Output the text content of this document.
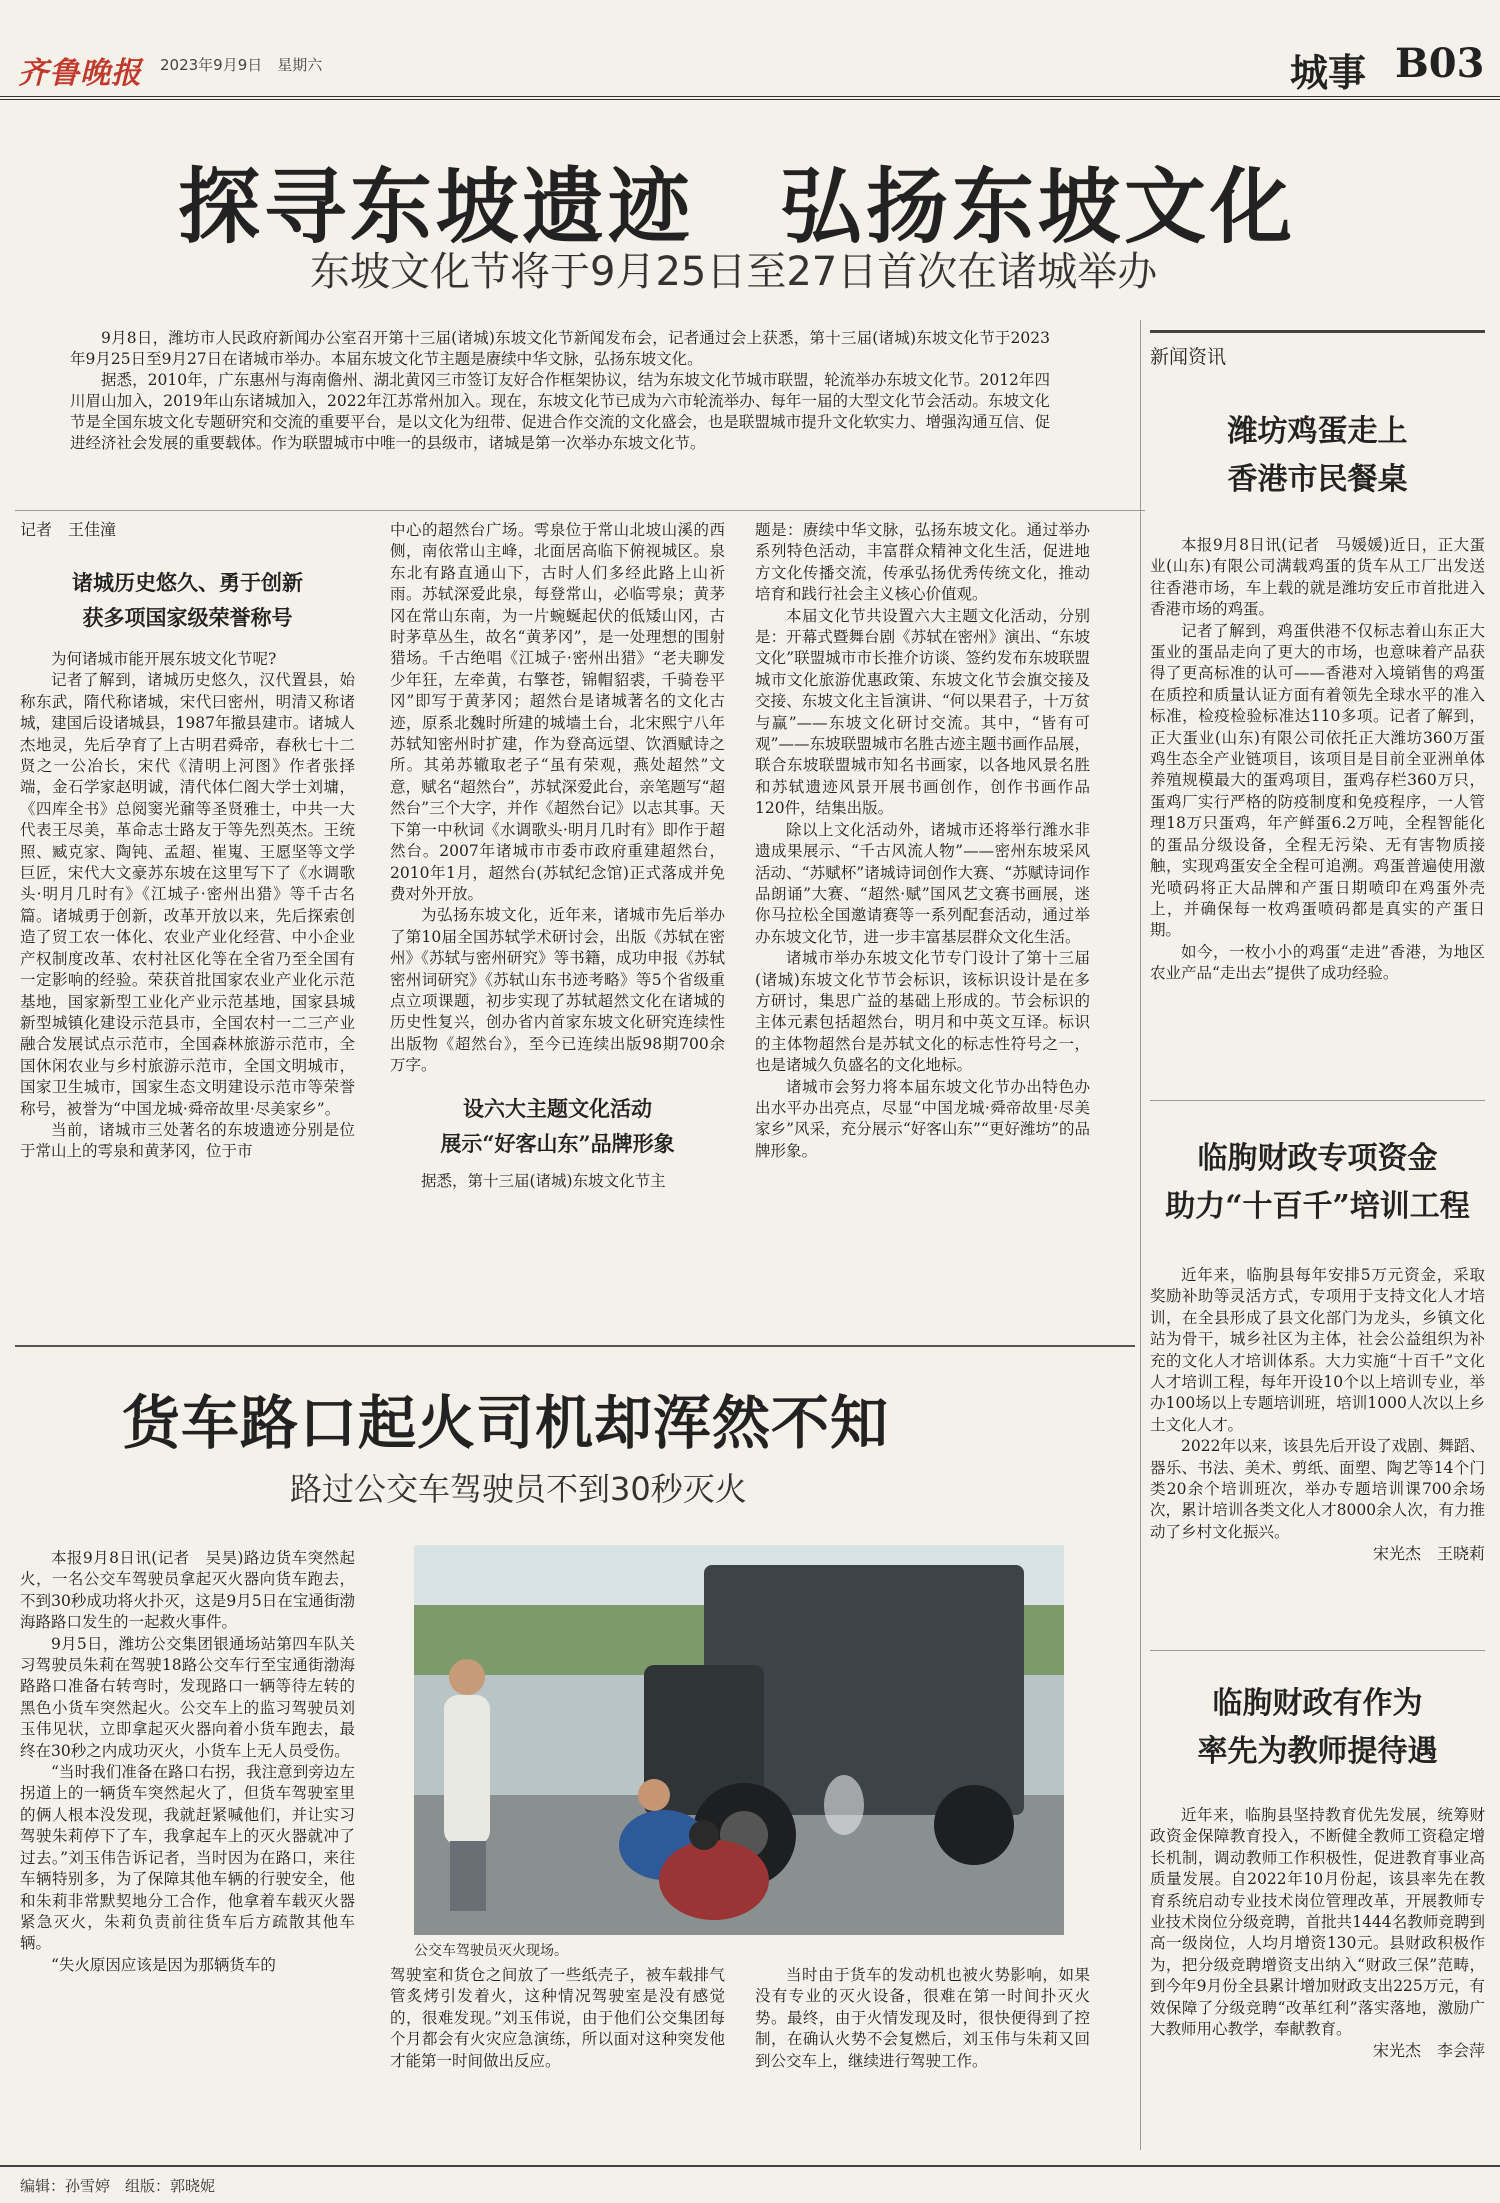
齐鲁晚报 2023年9月9日　星期六	城事 B03
探寻东坡遗迹　弘扬东坡文化
东坡文化节将于9月25日至27日首次在诸城举办

9月8日，潍坊市人民政府新闻办公室召开第十三届(诸城)东坡文化节新闻发布会，记者通过会上获悉，第十三届(诸城)东坡文化节于2023年9月25日至9月27日在诸城市举办。本届东坡文化节主题是赓续中华文脉，弘扬东坡文化。

据悉，2010年，广东惠州与海南儋州、湖北黄冈三市签订友好合作框架协议，结为东坡文化节城市联盟，轮流举办东坡文化节。2012年四川眉山加入，2019年山东诸城加入，2022年江苏常州加入。现在，东坡文化节已成为六市轮流举办、每年一届的大型文化节会活动。东坡文化节是全国东坡文化专题研究和交流的重要平台，是以文化为纽带、促进合作交流的文化盛会，也是联盟城市提升文化软实力、增强沟通互信、促进经济社会发展的重要载体。作为联盟城市中唯一的县级市，诸城是第一次举办东坡文化节。

记者　王佳潼
诸城历史悠久、勇于创新
获多项国家级荣誉称号

为何诸城市能开展东坡文化节呢?

记者了解到，诸城历史悠久，汉代置县，始称东武，隋代称诸城，宋代曰密州，明清又称诸城，建国后设诸城县，1987年撤县建市。诸城人杰地灵，先后孕育了上古明君舜帝，春秋七十二贤之一公冶长，宋代《清明上河图》作者张择端，金石学家赵明诚，清代体仁阁大学士刘墉，《四库全书》总阅窦光鼐等圣贤雅士，中共一大代表王尽美，革命志士路友于等先烈英杰。王统照、臧克家、陶钝、孟超、崔嵬、王愿坚等文学巨匠，宋代大文豪苏东坡在这里写下了《水调歌头·明月几时有》《江城子·密州出猎》等千古名篇。诸城勇于创新，改革开放以来，先后探索创造了贸工农一体化、农业产业化经营、中小企业产权制度改革、农村社区化等在全省乃至全国有一定影响的经验。荣获首批国家农业产业化示范基地，国家新型工业化产业示范基地，国家县城新型城镇化建设示范县市，全国农村一二三产业融合发展试点示范市，全国森林旅游示范市，全国休闲农业与乡村旅游示范市，全国文明城市，国家卫生城市，国家生态文明建设示范市等荣誉称号，被誉为“中国龙城·舜帝故里·尽美家乡”。

当前，诸城市三处著名的东坡遗迹分别是位于常山上的雩泉和黄茅冈，位于市

中心的超然台广场。雩泉位于常山北坡山溪的西侧，南依常山主峰，北面居高临下俯视城区。泉东北有路直通山下，古时人们多经此路上山祈雨。苏轼深爱此泉，每登常山，必临雩泉；黄茅冈在常山东南，为一片蜿蜒起伏的低矮山冈，古时茅草丛生，故名“黄茅冈”，是一处理想的围射猎场。千古绝唱《江城子·密州出猎》“老夫聊发少年狂，左牵黄，右擎苍，锦帽貂裘，千骑卷平冈”即写于黄茅冈；超然台是诸城著名的文化古迹，原系北魏时所建的城墙土台，北宋熙宁八年苏轼知密州时扩建，作为登高远望、饮酒赋诗之所。其弟苏辙取老子“虽有荣观，燕处超然”文意，赋名“超然台”，苏轼深爱此台，亲笔题写“超然台”三个大字，并作《超然台记》以志其事。天下第一中秋词《水调歌头·明月几时有》即作于超然台。2007年诸城市市委市政府重建超然台，2010年1月，超然台(苏轼纪念馆)正式落成并免费对外开放。

为弘扬东坡文化，近年来，诸城市先后举办了第10届全国苏轼学术研讨会，出版《苏轼在密州》《苏轼与密州研究》等书籍，成功申报《苏轼密州词研究》《苏轼山东书迹考略》等5个省级重点立项课题，初步实现了苏轼超然文化在诸城的历史性复兴，创办省内首家东坡文化研究连续性出版物《超然台》，至今已连续出版98期700余万字。

设六大主题文化活动
展示“好客山东”品牌形象

据悉，第十三届(诸城)东坡文化节主

题是：赓续中华文脉，弘扬东坡文化。通过举办系列特色活动，丰富群众精神文化生活，促进地方文化传播交流，传承弘扬优秀传统文化，推动培育和践行社会主义核心价值观。

本届文化节共设置六大主题文化活动，分别是：开幕式暨舞台剧《苏轼在密州》演出、“东坡文化”联盟城市市长推介访谈、签约发布东坡联盟城市文化旅游优惠政策、东坡文化节会旗交接及交接、东坡文化主旨演讲、“何以果君子，十万贫与赢”——东坡文化研讨交流。其中，“皆有可观”——东坡联盟城市名胜古迹主题书画作品展，联合东坡联盟城市知名书画家，以各地风景名胜和苏轼遗迹风景开展书画创作，创作书画作品120件，结集出版。

除以上文化活动外，诸城市还将举行潍水非遗成果展示、“千古风流人物”——密州东坡采风活动、“苏赋杯”诸城诗词创作大赛、“苏赋诗词作品朗诵”大赛、“超然·赋”国风艺文赛书画展，迷你马拉松全国邀请赛等一系列配套活动，通过举办东坡文化节，进一步丰富基层群众文化生活。

诸城市举办东坡文化节专门设计了第十三届(诸城)东坡文化节节会标识，该标识设计是在多方研讨，集思广益的基础上形成的。节会标识的主体元素包括超然台，明月和中英文互译。标识的主体物超然台是苏轼文化的标志性符号之一，也是诸城久负盛名的文化地标。

诸城市会努力将本届东坡文化节办出特色办出水平办出亮点，尽显“中国龙城·舜帝故里·尽美家乡”风采，充分展示“好客山东”“更好潍坊”的品牌形象。

新闻资讯
潍坊鸡蛋走上
香港市民餐桌

本报9月8日讯(记者　马媛媛)近日，正大蛋业(山东)有限公司满载鸡蛋的货车从工厂出发送往香港市场，车上载的就是潍坊安丘市首批进入香港市场的鸡蛋。

记者了解到，鸡蛋供港不仅标志着山东正大蛋业的蛋品走向了更大的市场，也意味着产品获得了更高标准的认可——香港对入境销售的鸡蛋在质控和质量认证方面有着领先全球水平的准入标准，检疫检验标准达110多项。记者了解到，正大蛋业(山东)有限公司依托正大潍坊360万蛋鸡生态全产业链项目，该项目是目前全亚洲单体养殖规模最大的蛋鸡项目，蛋鸡存栏360万只，蛋鸡厂实行严格的防疫制度和免疫程序，一人管理18万只蛋鸡，年产鲜蛋6.2万吨，全程智能化的蛋品分级设备，全程无污染、无有害物质接触，实现鸡蛋安全全程可追溯。鸡蛋普遍使用激光喷码将正大品牌和产蛋日期喷印在鸡蛋外壳上，并确保每一枚鸡蛋喷码都是真实的产蛋日期。

如今，一枚小小的鸡蛋“走进”香港，为地区农业产品“走出去”提供了成功经验。

临朐财政专项资金
助力“十百千”培训工程

近年来，临朐县每年安排5万元资金，采取奖励补助等灵活方式，专项用于支持文化人才培训，在全县形成了县文化部门为龙头，乡镇文化站为骨干，城乡社区为主体，社会公益组织为补充的文化人才培训体系。大力实施“十百千”文化人才培训工程，每年开设10个以上培训专业，举办100场以上专题培训班，培训1000人次以上乡土文化人才。

2022年以来，该县先后开设了戏剧、舞蹈、器乐、书法、美术、剪纸、面塑、陶艺等14个门类20余个培训班次，举办专题培训课700余场次，累计培训各类文化人才8000余人次，有力推动了乡村文化振兴。

宋光杰　王晓莉
临朐财政有作为
率先为教师提待遇

近年来，临朐县坚持教育优先发展，统筹财政资金保障教育投入，不断健全教师工资稳定增长机制，调动教师工作积极性，促进教育事业高质量发展。自2022年10月份起，该县率先在教育系统启动专业技术岗位管理改革，开展教师专业技术岗位分级竞聘，首批共1444名教师竞聘到高一级岗位，人均月增资130元。县财政积极作为，把分级竞聘增资支出纳入“财政三保”范畴，到今年9月份全县累计增加财政支出225万元，有效保障了分级竞聘“改革红利”落实落地，激励广大教师用心教学，奉献教育。

宋光杰　李会萍
货车路口起火司机却浑然不知
路过公交车驾驶员不到30秒灭火

本报9月8日讯(记者　吴昊)路边货车突然起火，一名公交车驾驶员拿起灭火器向货车跑去，不到30秒成功将火扑灭，这是9月5日在宝通街渤海路路口发生的一起救火事件。

9月5日，潍坊公交集团银通场站第四车队关习驾驶员朱莉在驾驶18路公交车行至宝通街渤海路路口准备右转弯时，发现路口一辆等待左转的黑色小货车突然起火。公交车上的监习驾驶员刘玉伟见状，立即拿起灭火器向着小货车跑去，最终在30秒之内成功灭火，小货车上无人员受伤。

“当时我们准备在路口右拐，我注意到旁边左拐道上的一辆货车突然起火了，但货车驾驶室里的俩人根本没发现，我就赶紧喊他们，并让实习驾驶朱莉停下了车，我拿起车上的灭火器就冲了过去。”刘玉伟告诉记者，当时因为在路口，来往车辆特别多，为了保障其他车辆的行驶安全，他和朱莉非常默契地分工合作，他拿着车载灭火器紧急灭火，朱莉负责前往货车后方疏散其他车辆。

“失火原因应该是因为那辆货车的

公交车驾驶员灭火现场。

驾驶室和货仓之间放了一些纸壳子，被车载排气管炙烤引发着火，这种情况驾驶室是没有感觉的，很难发现。”刘玉伟说，由于他们公交集团每个月都会有火灾应急演练，所以面对这种突发他才能第一时间做出反应。

当时由于货车的发动机也被火势影响，如果没有专业的灭火设备，很难在第一时间扑灭火势。最终，由于火情发现及时，很快便得到了控制，在确认火势不会复燃后，刘玉伟与朱莉又回到公交车上，继续进行驾驶工作。

编辑：孙雪婷　组版：郭晓妮
